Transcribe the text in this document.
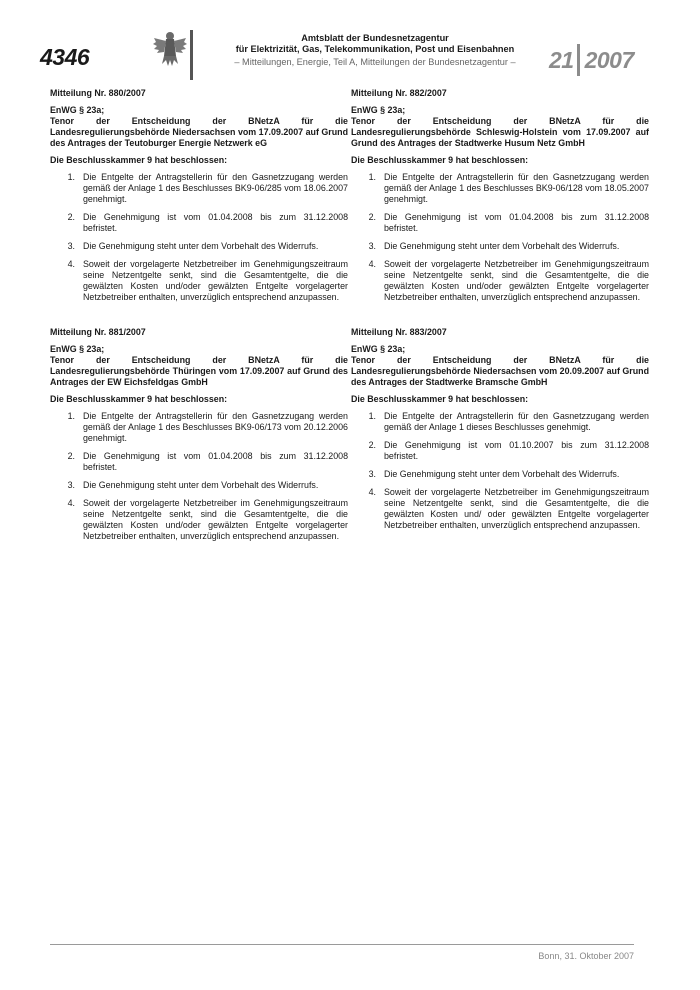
4346
Amtsblatt der Bundesnetzagentur
für Elektrizität, Gas, Telekommunikation, Post und Eisenbahnen
– Mitteilungen, Energie, Teil A, Mitteilungen der Bundesnetzagentur –	21 2007
Mitteilung Nr. 880/2007
EnWG § 23a;
Tenor der Entscheidung der BNetzA für die Landesregulierungsbehörde Niedersachsen vom 17.09.2007 auf Grund des Antrages der Teutoburger Energie Netzwerk eG
Die Beschlusskammer 9 hat beschlossen:
1. Die Entgelte der Antragstellerin für den Gasnetzzugang werden gemäß der Anlage 1 des Beschlusses BK9-06/285 vom 18.06.2007 genehmigt.
2. Die Genehmigung ist vom 01.04.2008 bis zum 31.12.2008 befristet.
3. Die Genehmigung steht unter dem Vorbehalt des Widerrufs.
4. Soweit der vorgelagerte Netzbetreiber im Genehmigungszeitraum seine Netzentgelte senkt, sind die Gesamtentgelte, die die gewälzten Kosten und/oder gewälzten Entgelte vorgelagerter Netzbetreiber enthalten, unverzüglich entsprechend anzupassen.
Mitteilung Nr. 881/2007
EnWG § 23a;
Tenor der Entscheidung der BNetzA für die Landesregulierungsbehörde Thüringen vom 17.09.2007 auf Grund des Antrages der EW Eichsfeldgas GmbH
Die Beschlusskammer 9 hat beschlossen:
1. Die Entgelte der Antragstellerin für den Gasnetzzugang werden gemäß der Anlage 1 des Beschlusses BK9-06/173 vom 20.12.2006 genehmigt.
2. Die Genehmigung ist vom 01.04.2008 bis zum 31.12.2008 befristet.
3. Die Genehmigung steht unter dem Vorbehalt des Widerrufs.
4. Soweit der vorgelagerte Netzbetreiber im Genehmigungszeitraum seine Netzentgelte senkt, sind die Gesamtentgelte, die die gewälzten Kosten und/oder gewälzten Entgelte vorgelagerter Netzbetreiber enthalten, unverzüglich entsprechend anzupassen.
Mitteilung Nr. 882/2007
EnWG § 23a;
Tenor der Entscheidung der BNetzA für die Landesregulierungsbehörde Schleswig-Holstein vom 17.09.2007 auf Grund des Antrages der Stadtwerke Husum Netz GmbH
Die Beschlusskammer 9 hat beschlossen:
1. Die Entgelte der Antragstellerin für den Gasnetzzugang werden gemäß der Anlage 1 des Beschlusses BK9-06/128 vom 18.05.2007 genehmigt.
2. Die Genehmigung ist vom 01.04.2008 bis zum 31.12.2008 befristet.
3. Die Genehmigung steht unter dem Vorbehalt des Widerrufs.
4. Soweit der vorgelagerte Netzbetreiber im Genehmigungszeitraum seine Netzentgelte senkt, sind die Gesamtentgelte, die die gewälzten Kosten und/oder gewälzten Entgelte vorgelagerter Netzbetreiber enthalten, unverzüglich entsprechend anzupassen.
Mitteilung Nr. 883/2007
EnWG § 23a;
Tenor der Entscheidung der BNetzA für die Landesregulierungsbehörde Niedersachsen vom 20.09.2007 auf Grund des Antrages der Stadtwerke Bramsche GmbH
Die Beschlusskammer 9 hat beschlossen:
1. Die Entgelte der Antragstellerin für den Gasnetzzugang werden gemäß der Anlage 1 dieses Beschlusses genehmigt.
2. Die Genehmigung ist vom 01.10.2007 bis zum 31.12.2008 befristet.
3. Die Genehmigung steht unter dem Vorbehalt des Widerrufs.
4. Soweit der vorgelagerte Netzbetreiber im Genehmigungszeitraum seine Netzentgelte senkt, sind die Gesamtentgelte, die die gewälzten Kosten und/ oder gewälzten Entgelte vorgelagerter Netzbetreiber enthalten, unverzüglich entsprechend anzupassen.
Bonn, 31. Oktober 2007
